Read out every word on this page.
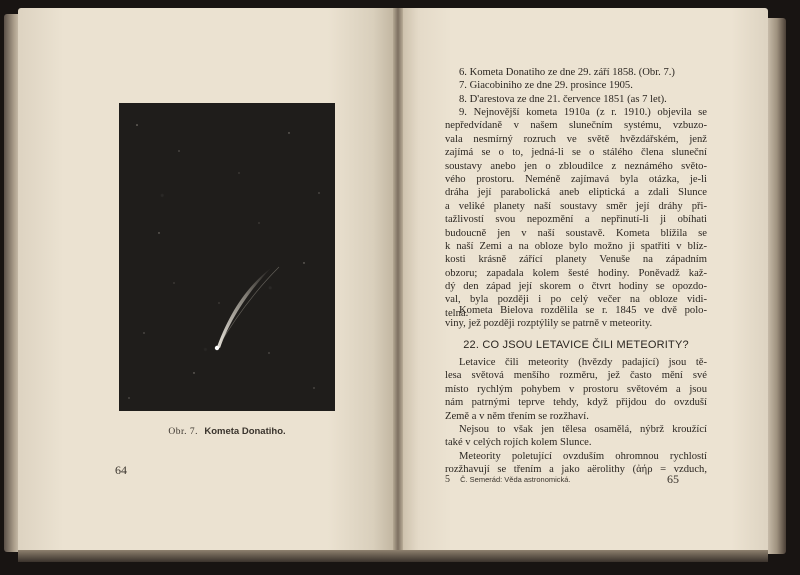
Obr. 7. Kometa Donatiho.
64
6. Kometa Donatiho ze dne 29. září 1858. (Obr. 7.)
7. Giacobiniho ze dne 29. prosince 1905.
8. D'arestova ze dne 21. července 1851 (as 7 let).
9. Nejnovější kometa 1910a (z r. 1910.) objevila se
nepředvídaně v našem slunečním systému, vzbuzo-
vala nesmírný rozruch ve světě hvězdářském, jenž
zajímá se o to, jedná-li se o stálého člena sluneční
soustavy anebo jen o zbloudilce z neznámého světo-
vého prostoru. Neméně zajímavá byla otázka, je-li
dráha její parabolická aneb eliptická a zdali Slunce
a veliké planety naší soustavy směr její dráhy při-
tažlivostí svou nepozmění a nepřinutí-li ji obíhati
budoucně jen v naší soustavě. Kometa blížila se
k naší Zemi a na obloze bylo možno ji spatřiti v blíz-
kosti krásně zářící planety Venuše na západním
obzoru; zapadala kolem šesté hodiny. Poněvadž kaž-
dý den západ její skorem o čtvrt hodiny se opozdo-
val, byla později i po celý večer na obloze vidi-
telna.
Kometa Bielova rozdělila se r. 1845 ve dvě polo-
viny, jež později rozptýlily se patrně v meteority.
22. CO JSOU LETAVICE ČILI METEORITY?
Letavice čili meteority (hvězdy padající) jsou tě-
lesa světová menšího rozměru, jež často mění své
místo rychlým pohybem v prostoru světovém a jsou
nám patrnými teprve tehdy, když přijdou do ovzduší
Země a v něm třením se rozžhaví.
Nejsou to však jen tělesa osamělá, nýbrž kroužící
také v celých rojích kolem Slunce.
Meteority poletující ovzduším ohromnou rychlostí
rozžhavují se třením a jako aërolithy (ἀήρ = vzduch,
5 Č. Semerád: Věda astronomická.	65
